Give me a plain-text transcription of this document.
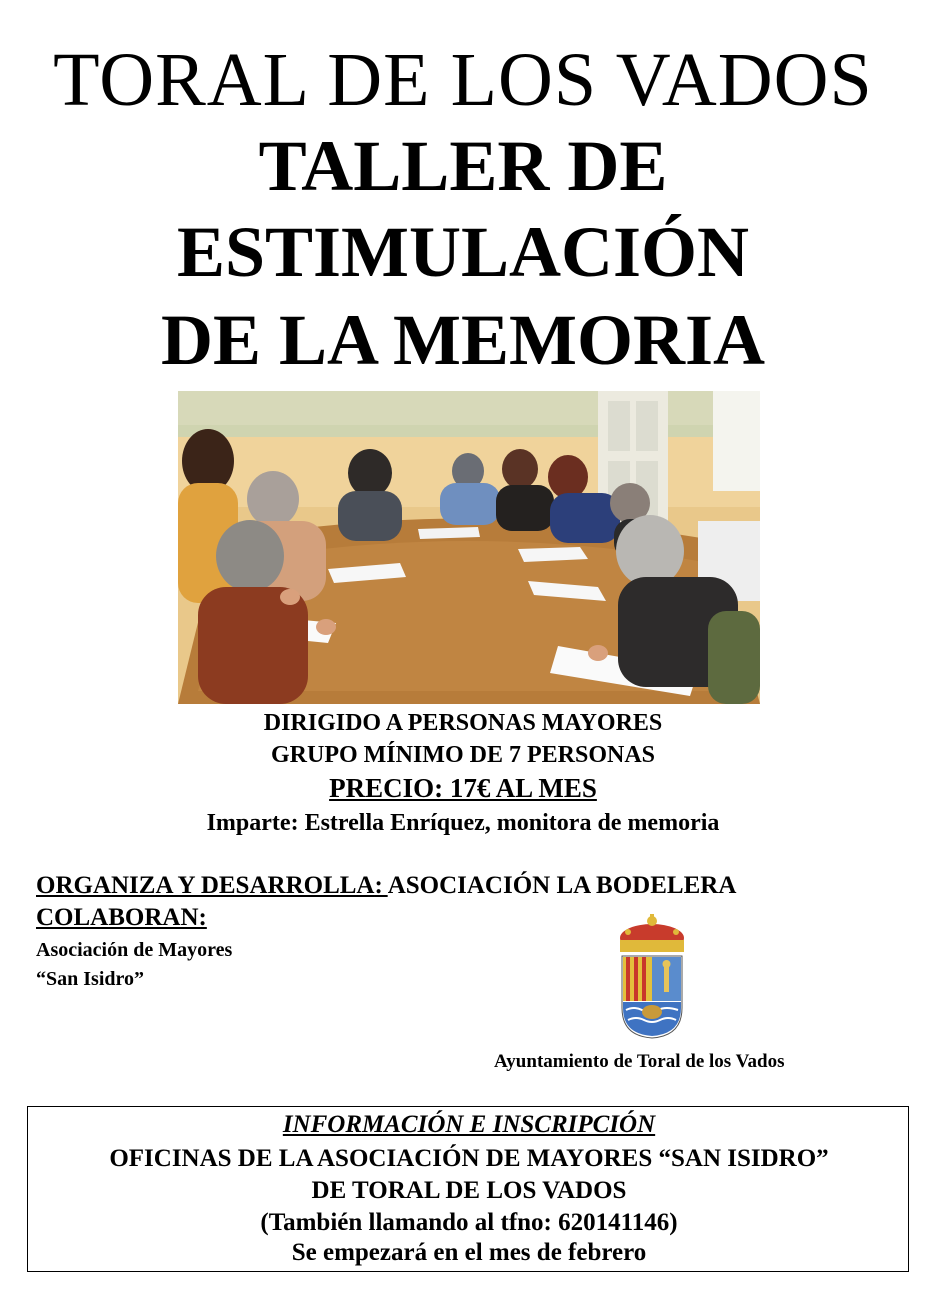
TORAL DE LOS VADOS
TALLER DE
ESTIMULACIÓN
DE LA MEMORIA
DIRIGIDO A PERSONAS MAYORES
GRUPO MÍNIMO DE 7 PERSONAS
PRECIO: 17€ AL MES
Imparte: Estrella Enríquez, monitora de memoria
ORGANIZA Y DESARROLLA: ASOCIACIÓN LA BODELERA
COLABORAN:
Asociación de Mayores
“San Isidro”
Ayuntamiento de Toral de los Vados
INFORMACIÓN E INSCRIPCIÓN
OFICINAS DE LA ASOCIACIÓN DE MAYORES “SAN ISIDRO”
DE TORAL DE LOS VADOS
(También llamando al tfno: 620141146)
Se empezará en el mes de febrero
